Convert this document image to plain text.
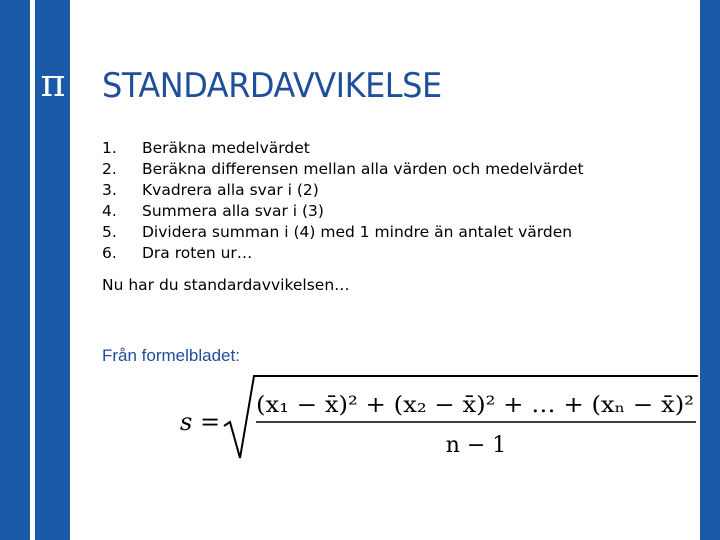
π STANDARDAVVIKELSE
1.	Beräkna medelvärdet
2.	Beräkna differensen mellan alla värden och medelvärdet
3.	Kvadrera alla svar i (2)
4.	Summera alla svar i (3)
5.	Dividera summan i (4) med 1 mindre än antalet värden
6.	Dra roten ur…
Nu har du standardavvikelsen…
Från formelbladet:
s =
(x₁ − x̄)² + (x₂ − x̄)² + … + (xₙ − x̄)²
n − 1
